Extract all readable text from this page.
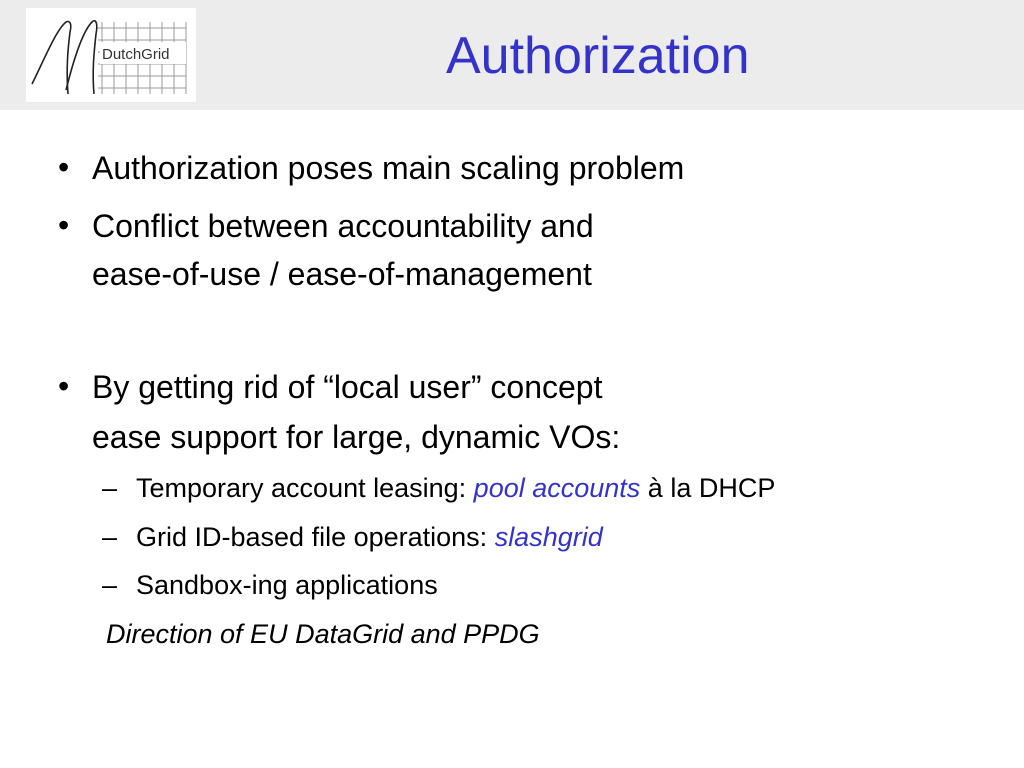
DutchGrid	Authorization
• Authorization poses main scaling problem
• Conflict between accountability and
ease-of-use / ease-of-management
• By getting rid of “local user” concept
ease support for large, dynamic VOs:
– Temporary account leasing: pool accounts à la DHCP
– Grid ID-based file operations: slashgrid
– Sandbox-ing applications
Direction of EU DataGrid and PPDG
